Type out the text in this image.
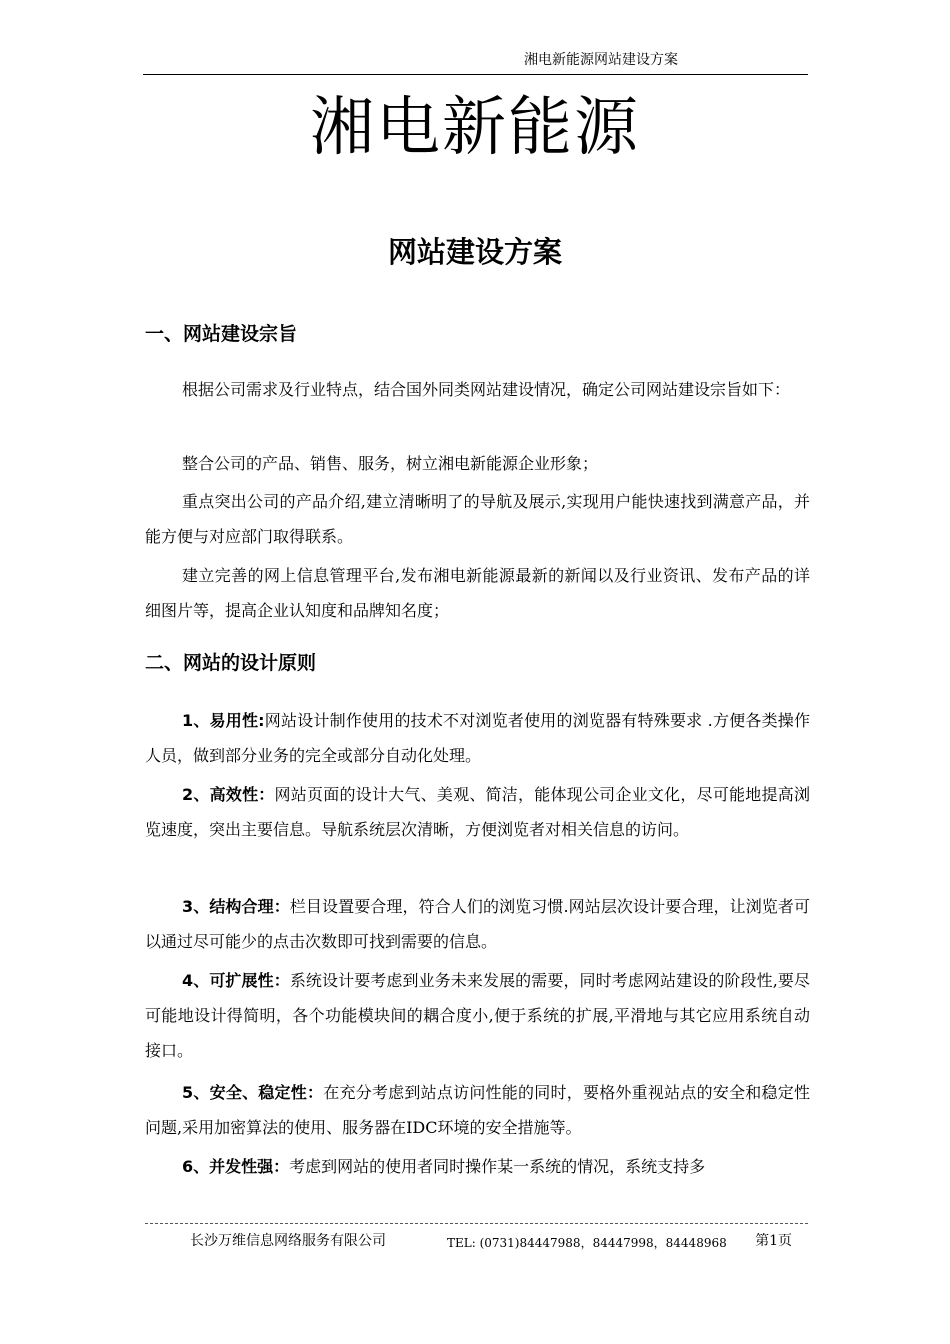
湘电新能源网站建设方案
湘电新能源
网站建设方案
一、网站建设宗旨

根据公司需求及行业特点，结合国外同类网站建设情况，确定公司网站建设宗旨如下：

整合公司的产品、销售、服务，树立湘电新能源企业形象；

重点突出公司的产品介绍,建立清晰明了的导航及展示,实现用户能快速找到满意产品，并能方便与对应部门取得联系。

建立完善的网上信息管理平台,发布湘电新能源最新的新闻以及行业资讯、发布产品的详细图片等，提高企业认知度和品牌知名度；

二、网站的设计原则

1、易用性:网站设计制作使用的技术不对浏览者使用的浏览器有特殊要求 .方便各类操作人员，做到部分业务的完全或部分自动化处理。

2、高效性：网站页面的设计大气、美观、简洁，能体现公司企业文化，尽可能地提高浏览速度，突出主要信息。导航系统层次清晰，方便浏览者对相关信息的访问。

3、结构合理：栏目设置要合理，符合人们的浏览习惯.网站层次设计要合理，让浏览者可以通过尽可能少的点击次数即可找到需要的信息。

4、可扩展性：系统设计要考虑到业务未来发展的需要，同时考虑网站建设的阶段性,要尽可能地设计得简明，各个功能模块间的耦合度小,便于系统的扩展,平滑地与其它应用系统自动接口。

5、安全、稳定性：在充分考虑到站点访问性能的同时，要格外重视站点的安全和稳定性问题,采用加密算法的使用、服务器在IDC环境的安全措施等。

6、并发性强：考虑到网站的使用者同时操作某一系统的情况，系统支持多

长沙万维信息网络服务有限公司	TEL: (0731)84447988，84447998，84448968 第1页
